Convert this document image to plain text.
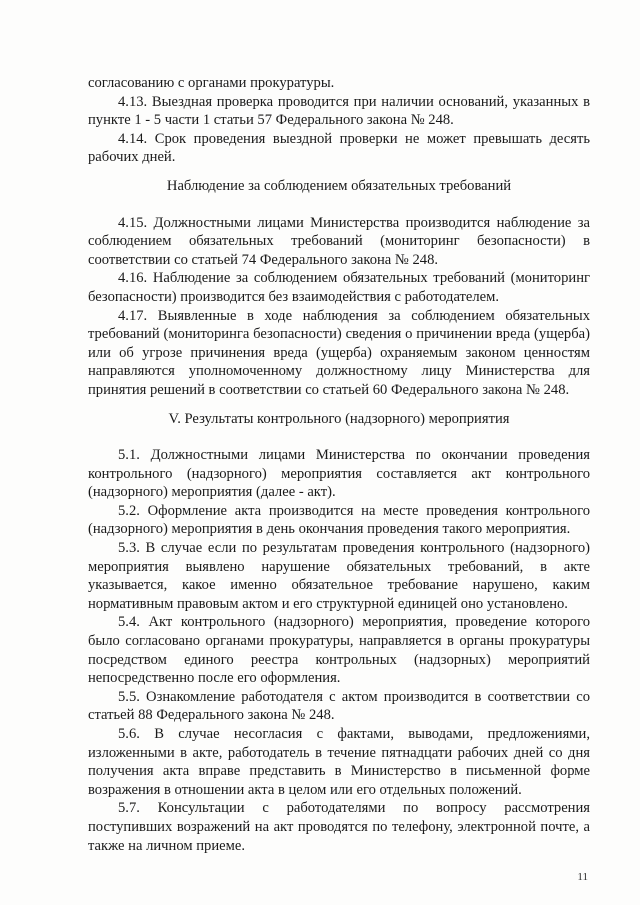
согласованию с органами прокуратуры.

4.13. Выездная проверка проводится при наличии оснований, указанных в пункте 1 - 5 части 1 статьи 57 Федерального закона № 248.

4.14. Срок проведения выездной проверки не может превышать десять рабочих дней.

Наблюдение за соблюдением обязательных требований

4.15. Должностными лицами Министерства производится наблюдение за соблюдением обязательных требований (мониторинг безопасности) в соответствии со статьей 74 Федерального закона № 248.

4.16. Наблюдение за соблюдением обязательных требований (мониторинг безопасности) производится без взаимодействия с работодателем.

4.17. Выявленные в ходе наблюдения за соблюдением обязательных требований (мониторинга безопасности) сведения о причинении вреда (ущерба) или об угрозе причинения вреда (ущерба) охраняемым законом ценностям направляются уполномоченному должностному лицу Министерства для принятия решений в соответствии со статьей 60 Федерального закона № 248.

V. Результаты контрольного (надзорного) мероприятия

5.1. Должностными лицами Министерства по окончании проведения контрольного (надзорного) мероприятия составляется акт контрольного (надзорного) мероприятия (далее - акт).

5.2. Оформление акта производится на месте проведения контрольного (надзорного) мероприятия в день окончания проведения такого мероприятия.

5.3. В случае если по результатам проведения контрольного (надзорного) мероприятия выявлено нарушение обязательных требований, в акте указывается, какое именно обязательное требование нарушено, каким нормативным правовым актом и его структурной единицей оно установлено.

5.4. Акт контрольного (надзорного) мероприятия, проведение которого было согласовано органами прокуратуры, направляется в органы прокуратуры посредством единого реестра контрольных (надзорных) мероприятий непосредственно после его оформления.

5.5. Ознакомление работодателя с актом производится в соответствии со статьей 88 Федерального закона № 248.

5.6. В случае несогласия с фактами, выводами, предложениями, изложенными в акте, работодатель в течение пятнадцати рабочих дней со дня получения акта вправе представить в Министерство в письменной форме возражения в отношении акта в целом или его отдельных положений.

5.7. Консультации с работодателями по вопросу рассмотрения поступивших возражений на акт проводятся по телефону, электронной почте, а также на личном приеме.

11
